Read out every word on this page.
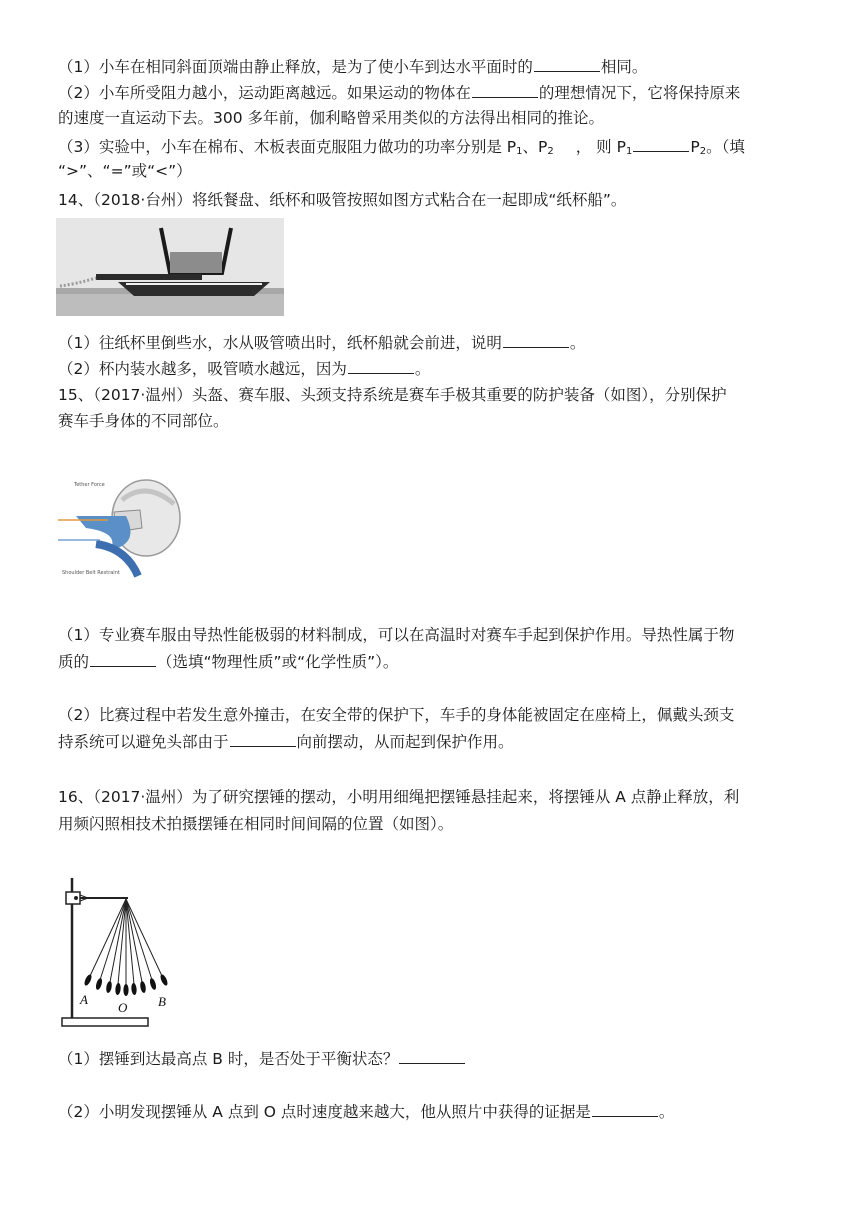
（1）小车在相同斜面顶端由静止释放，是为了使小车到达水平面时的	相同。
（2）小车所受阻力越小，运动距离越远。如果运动的物体在	的理想情况下，它将保持原来
的速度一直运动下去。300 多年前，伽利略曾采用类似的方法得出相同的推论。
（3）实验中，小车在棉布、木板表面克服阻力做功的功率分别是 $P_1$、$P_2$ ， 则 $P_1$	$P_2$。（填
“>”、“=”或“<”）
14、（2018·台州）将纸餐盘、纸杯和吸管按照如图方式粘合在一起即成“纸杯船”。
（1）往纸杯里倒些水，水从吸管喷出时，纸杯船就会前进，说明	。
（2）杯内装水越多，吸管喷水越远，因为	。
15、（2017·温州）头盔、赛车服、头颈支持系统是赛车手极其重要的防护装备（如图），分别保护
赛车手身体的不同部位。
Tether Force
Shoulder Belt Restraint
（1）专业赛车服由导热性能极弱的材料制成，可以在高温时对赛车手起到保护作用。导热性属于物
质的	（选填“物理性质”或“化学性质”）。
（2）比赛过程中若发生意外撞击，在安全带的保护下，车手的身体能被固定在座椅上，佩戴头颈支
持系统可以避免头部由于	向前摆动，从而起到保护作用。
16、（2017·温州）为了研究摆锤的摆动，小明用细绳把摆锤悬挂起来，将摆锤从 A 点静止释放，利
用频闪照相技术拍摄摆锤在相同时间间隔的位置（如图）。
A
O B
（1）摆锤到达最高点 B 时，是否处于平衡状态？
（2）小明发现摆锤从 A 点到 O 点时速度越来越大，他从照片中获得的证据是	。
